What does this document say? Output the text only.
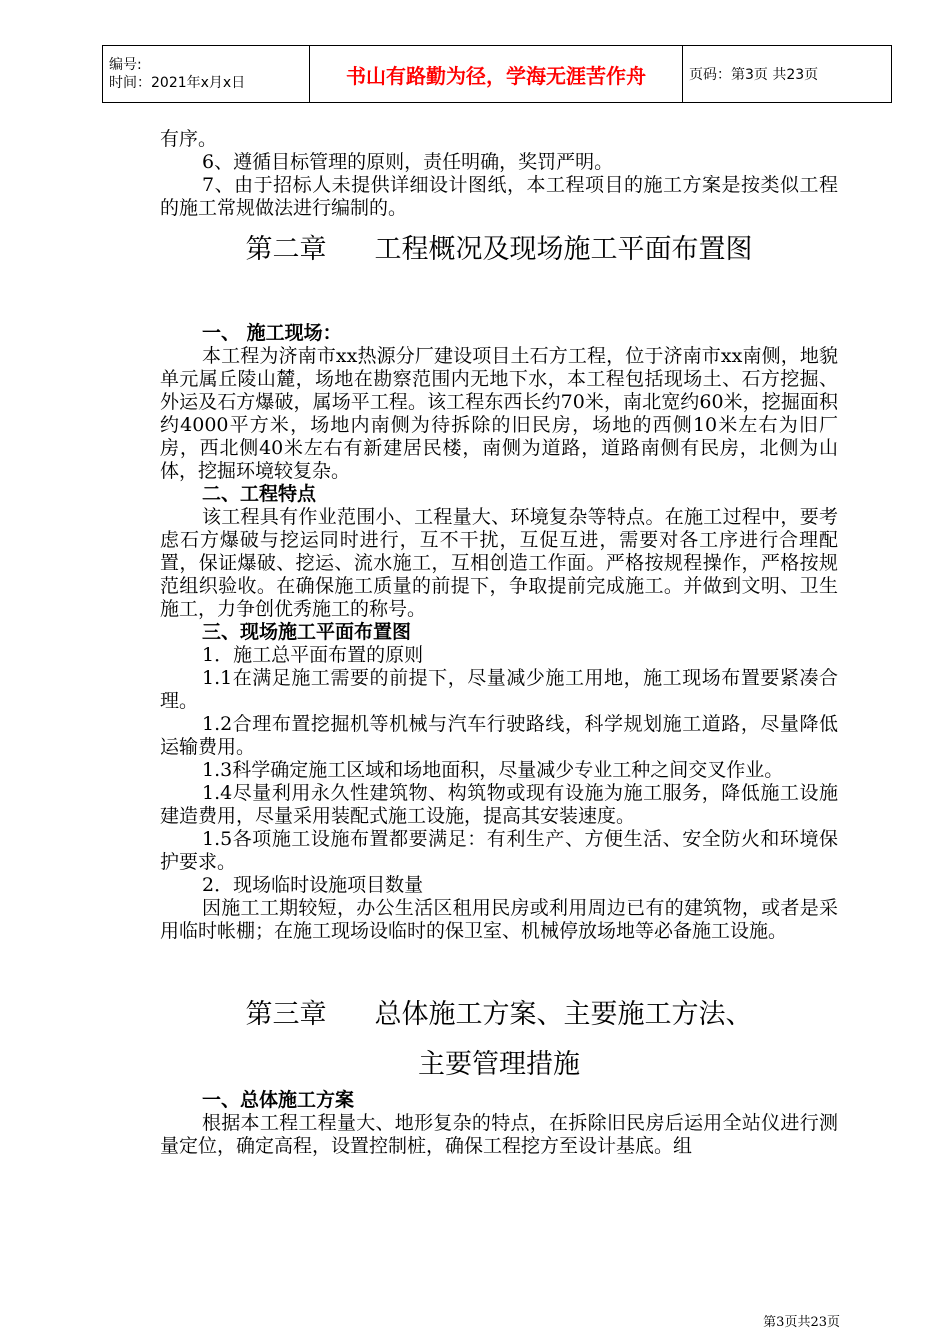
编号:
时间：2021年x月x日	书山有路勤为径，学海无涯苦作舟	页码：第3页 共23页

有序。

6、遵循目标管理的原则，责任明确，奖罚严明。

7、由于招标人未提供详细设计图纸，本工程项目的施工方案是按类似工程的施工常规做法进行编制的。

第二章 工程概况及现场施工平面布置图

一、 施工现场：

本工程为济南市xx热源分厂建设项目土石方工程，位于济南市xx南侧，地貌单元属丘陵山麓，场地在勘察范围内无地下水，本工程包括现场土、石方挖掘、外运及石方爆破，属场平工程。该工程东西长约70米，南北宽约60米，挖掘面积约4000平方米，场地内南侧为待拆除的旧民房，场地的西侧10米左右为旧厂房，西北侧40米左右有新建居民楼，南侧为道路，道路南侧有民房，北侧为山体，挖掘环境较复杂。

二、工程特点

该工程具有作业范围小、工程量大、环境复杂等特点。在施工过程中，要考虑石方爆破与挖运同时进行，互不干扰，互促互进，需要对各工序进行合理配置，保证爆破、挖运、流水施工，互相创造工作面。严格按规程操作，严格按规范组织验收。在确保施工质量的前提下，争取提前完成施工。并做到文明、卫生施工，力争创优秀施工的称号。

三、现场施工平面布置图

1．施工总平面布置的原则

1.1在满足施工需要的前提下，尽量减少施工用地，施工现场布置要紧凑合理。

1.2合理布置挖掘机等机械与汽车行驶路线，科学规划施工道路，尽量降低运输费用。

1.3科学确定施工区域和场地面积，尽量减少专业工种之间交叉作业。

1.4尽量利用永久性建筑物、构筑物或现有设施为施工服务，降低施工设施建造费用，尽量采用装配式施工设施，提高其安装速度。

1.5各项施工设施布置都要满足：有利生产、方便生活、安全防火和环境保护要求。

2．现场临时设施项目数量

因施工工期较短，办公生活区租用民房或利用周边已有的建筑物，或者是采用临时帐棚；在施工现场设临时的保卫室、机械停放场地等必备施工设施。

第三章 总体施工方案、主要施工方法、
主要管理措施

一、总体施工方案

根据本工程工程量大、地形复杂的特点，在拆除旧民房后运用全站仪进行测量定位，确定高程，设置控制桩，确保工程挖方至设计基底。组

第3页共23页
